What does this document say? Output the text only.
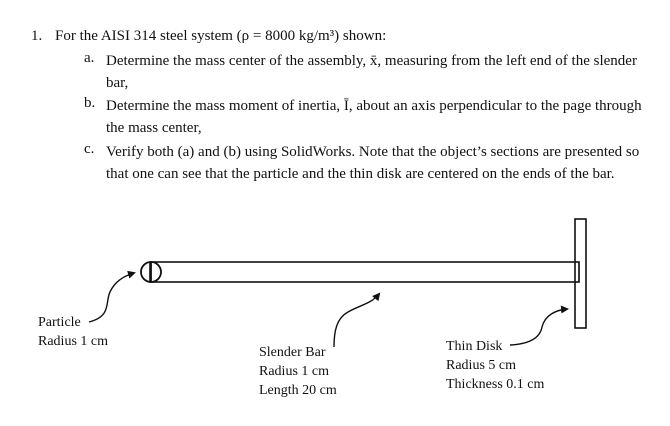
1. For the AISI 314 steel system (ρ = 8000 kg/m³) shown:
a. Determine the mass center of the assembly, x̄, measuring from the left end of the slender bar,
b. Determine the mass moment of inertia, Ī, about an axis perpendicular to the page through the mass center,
c. Verify both (a) and (b) using SolidWorks. Note that the object’s sections are presented so that one can see that the particle and the thin disk are centered on the ends of the bar.
Particle
Radius 1 cm
Slender Bar
Radius 1 cm
Length 20 cm
Thin Disk
Radius 5 cm
Thickness 0.1 cm
